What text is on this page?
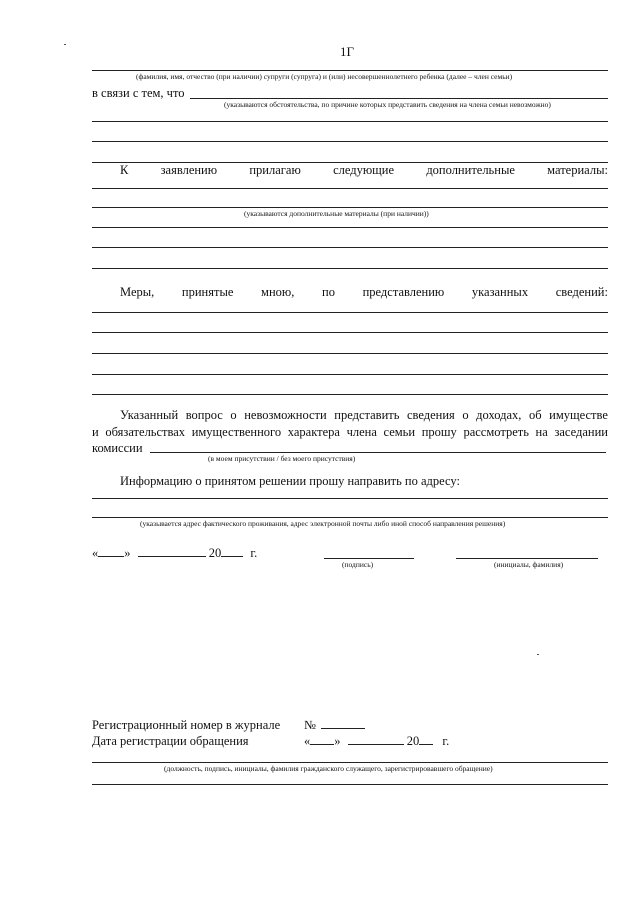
1Г
(фамилия, имя, отчество (при наличии) супруги (супруга) и (или) несовершеннолетнего ребенка (далее – член семьи)
в связи с тем, что
(указываются обстоятельства, по причине которых представить сведения на члена семьи невозможно)
К	заявлению	прилагаю	следующие	дополнительные	материалы:
(указываются дополнительные материалы (при наличии))
Меры, принятые мною, по представлению указанных сведений:
Указанный вопрос о невозможности представить сведения о доходах, об имуществе
и обязательствах имущественного характера члена семьи прошу рассмотреть на заседании
комиссии
(в моем присутствии / без моего присутствия)
Информацию о принятом решении прошу направить по адресу:
(указывается адрес фактического проживания, адрес электронной почты либо иной способ направления решения)
« »	20 г.
(подпись)	(инициалы, фамилия)
Регистрационный номер в журнале №
Дата регистрации обращения	« »	20 г.
(должность, подпись, инициалы, фамилия гражданского служащего, зарегистрировавшего обращение)
